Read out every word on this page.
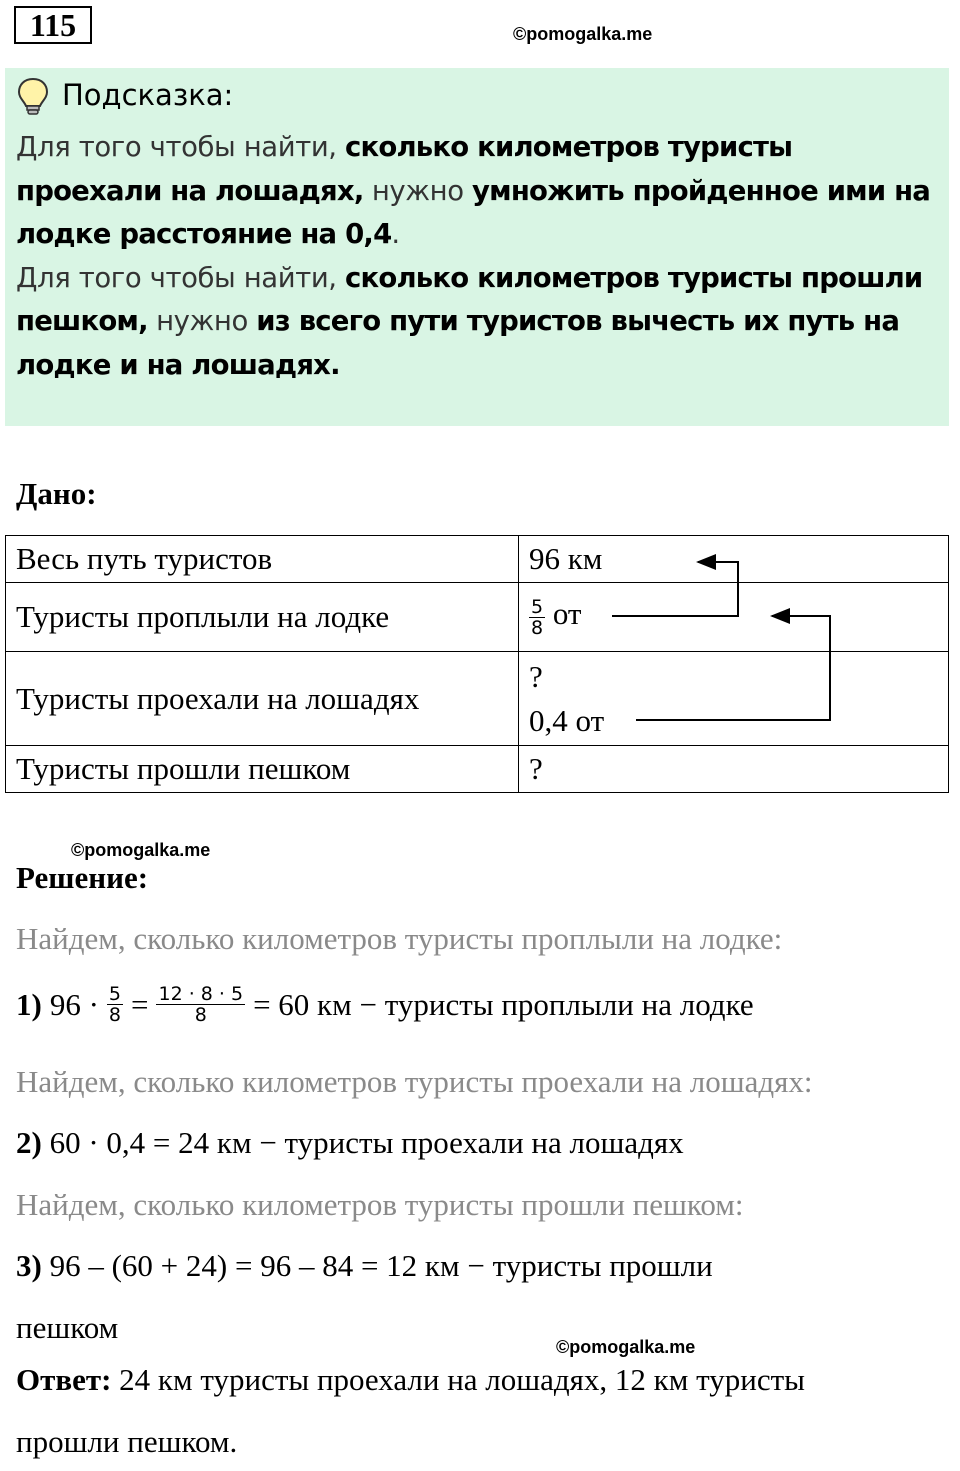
115	©pomogalka.me
Подсказка:
Для того чтобы найти, сколько километров туристы проехали на лошадях, нужно умножить пройденное ими на лодке расстояние на 0,4.
Для того чтобы найти, сколько километров туристы прошли пешком, нужно из всего пути туристов вычесть их путь на лодке и на лошадях.
Дано:
Весь путь туристов	96 км
Туристы проплыли на лодке	$\frac{5}{8}$ от
Туристы проехали на лошадях	?
0,4 от

Туристы прошли пешком	?
©pomogalka.me
Решение:
Найдем, сколько километров туристы проплыли на лодке:
1) $96 \cdot \frac{5}{8} = \frac{12 \cdot 8 \cdot 5}{8} = 60$ км − туристы проплыли на лодке
Найдем, сколько километров туристы проехали на лошадях:
2) 60 · 0,4 = 24 км − туристы проехали на лошадях
Найдем, сколько километров туристы прошли пешком:
3) 96 – (60 + 24) = 96 – 84 = 12 км − туристы прошли
пешком
©pomogalka.me
Ответ: 24 км туристы проехали на лошадях, 12 км туристы
прошли пешком.
